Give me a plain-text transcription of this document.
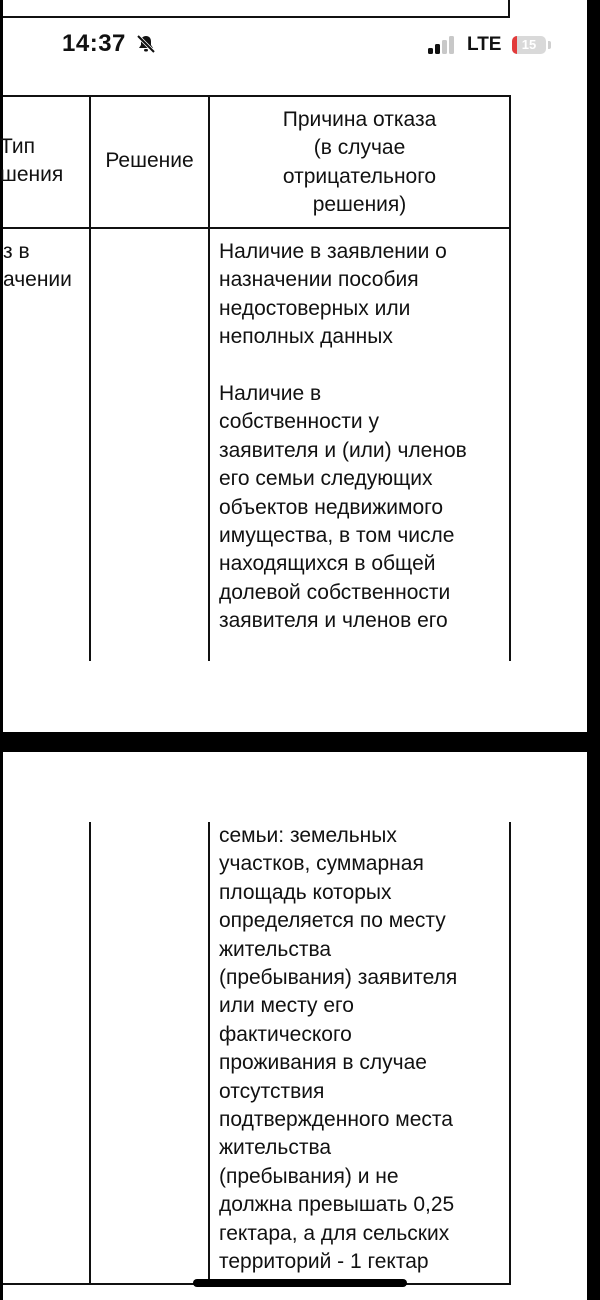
14:37	LTE	15
Тип
шения
Решение
Причина отказа
(в случае
отрицательного
решения)
з в
ачении
Наличие в заявлении о
назначении пособия
недостоверных или
неполных данных

Наличие в
собственности у
заявителя и (или) членов
его семьи следующих
объектов недвижимого
имущества, в том числе
находящихся в общей
долевой собственности
заявителя и членов его
семьи: земельных
участков, суммарная
площадь которых
определяется по месту
жительства
(пребывания) заявителя
или месту его
фактического
проживания в случае
отсутствия
подтвержденного места
жительства
(пребывания) и не
должна превышать 0,25
гектара, а для сельских
территорий - 1 гектар
